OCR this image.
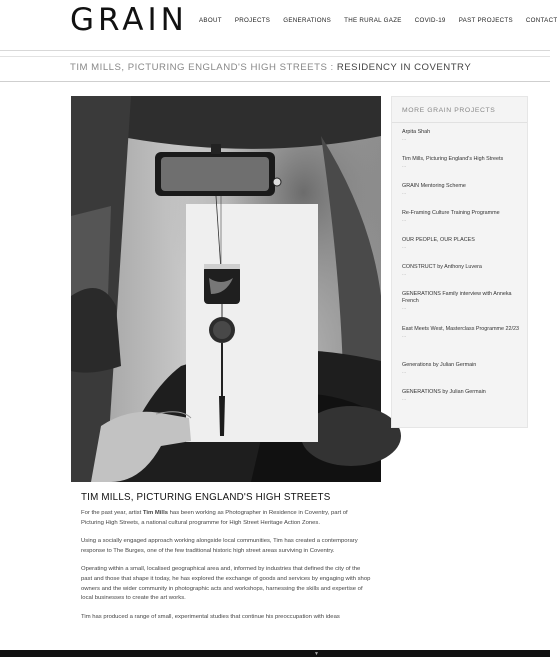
GRAIN ABOUT PROJECTS GENERATIONS THE RURAL GAZE COVID-19 PAST PROJECTS CONTACT
TIM MILLS, PICTURING ENGLAND'S HIGH STREETS : RESIDENCY IN COVENTRY
MORE GRAIN PROJECTS
Arpita Shah
...
Tim Mills, Picturing England's High Streets
...
GRAIN Mentoring Scheme
...
Re-Framing Culture Training Programme
...
OUR PEOPLE, OUR PLACES
...
CONSTRUCT by Anthony Luvera
...
GENERATIONS Family interview with Anneka French
...
East Meets West, Masterclass Programme 22/23
...
Generations by Julian Germain
...
GENERATIONS by Julian Germain
...
TIM MILLS, PICTURING ENGLAND'S HIGH STREETS

For the past year, artist Tim Mills has been working as Photographer in Residence in Coventry, part of Picturing High Streets, a national cultural programme for High Street Heritage Action Zones.

Using a socially engaged approach working alongside local communities, Tim has created a contemporary response to The Burges, one of the few traditional historic high street areas surviving in Coventry.

Operating within a small, localised geographical area and, informed by industries that defined the city of the past and those that shape it today, he has explored the exchange of goods and services by engaging with shop owners and the wider community in photographic acts and workshops, harnessing the skills and expertise of local businesses to create the art works.

Tim has produced a range of small, experimental studies that continue his preoccupation with ideas

▼
